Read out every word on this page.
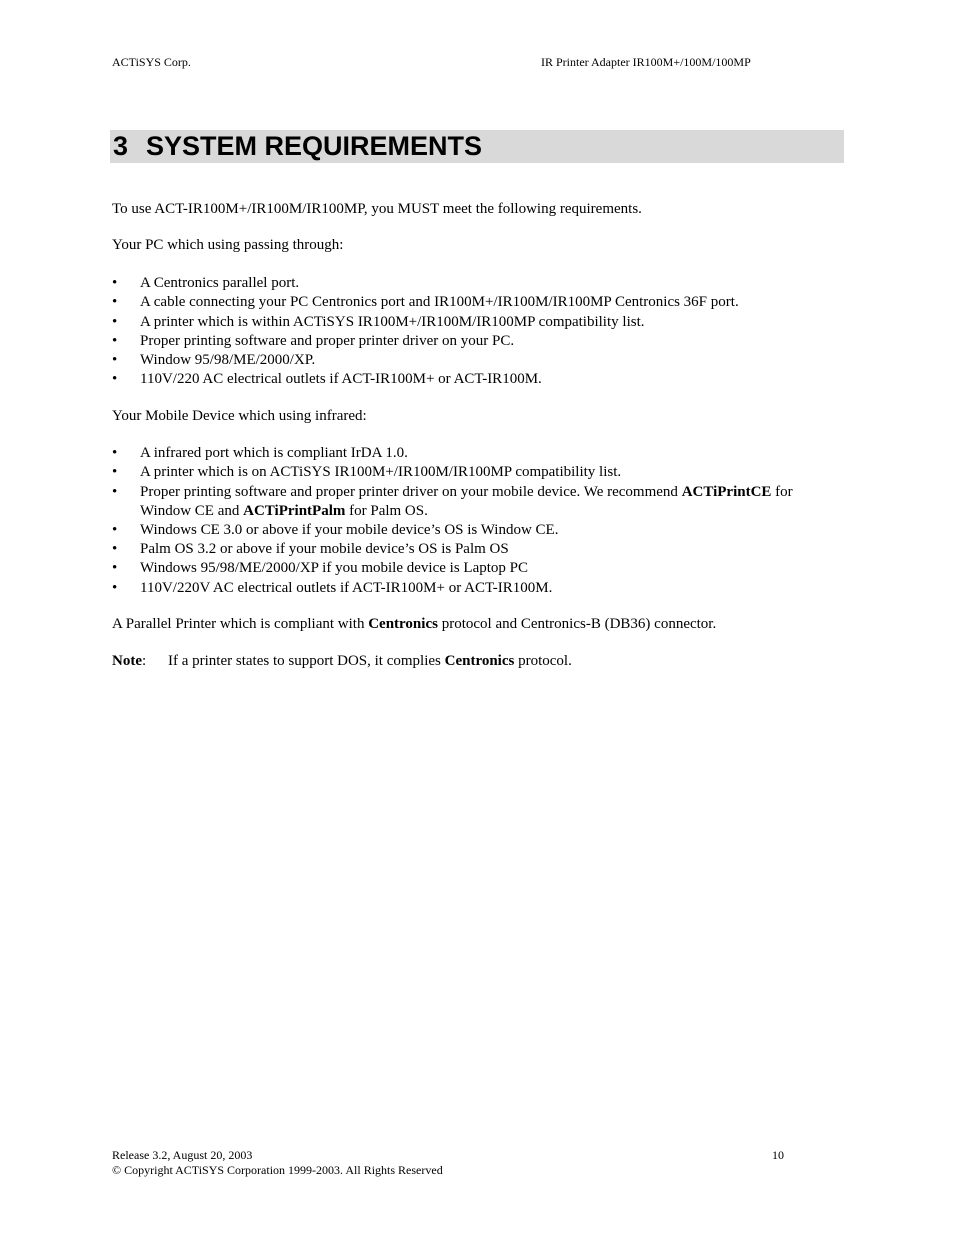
ACTiSYS Corp.	IR Printer Adapter IR100M+/100M/100MP
3 SYSTEM REQUIREMENTS
To use ACT-IR100M+/IR100M/IR100MP, you MUST meet the following requirements.
Your PC which using passing through:
• A Centronics parallel port.
• A cable connecting your PC Centronics port and IR100M+/IR100M/IR100MP Centronics 36F port.
• A printer which is within ACTiSYS IR100M+/IR100M/IR100MP compatibility list.
• Proper printing software and proper printer driver on your PC.
• Window 95/98/ME/2000/XP.
• 110V/220 AC electrical outlets if ACT-IR100M+ or ACT-IR100M.
Your Mobile Device which using infrared:
• A infrared port which is compliant IrDA 1.0.
• A printer which is on ACTiSYS IR100M+/IR100M/IR100MP compatibility list.
• Proper printing software and proper printer driver on your mobile device. We recommend ACTiPrintCE for Window CE and ACTiPrintPalm for Palm OS.
• Windows CE 3.0 or above if your mobile device’s OS is Window CE.
• Palm OS 3.2 or above if your mobile device’s OS is Palm OS
• Windows 95/98/ME/2000/XP if you mobile device is Laptop PC
• 110V/220V AC electrical outlets if ACT-IR100M+ or ACT-IR100M.
A Parallel Printer which is compliant with Centronics protocol and Centronics-B (DB36) connector.
Note: If a printer states to support DOS, it complies Centronics protocol.
Release 3.2, August 20, 2003
© Copyright ACTiSYS Corporation 1999-2003. All Rights Reserved
10
